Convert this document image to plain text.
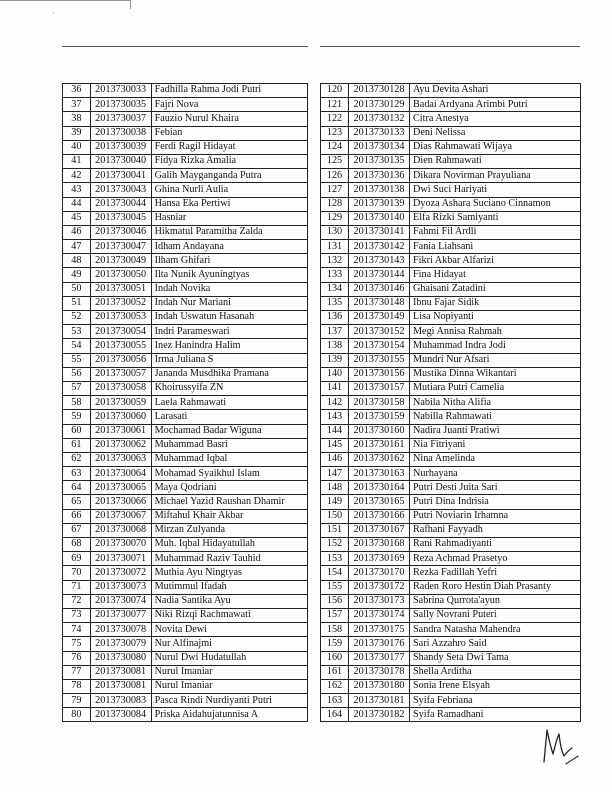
·
36	2013730033	Fadhilla Rahma Jodi Putri
37	2013730035	Fajri Nova
38	2013730037	Fauzio Nurul Khaira
39	2013730038	Febian
40	2013730039	Ferdi Ragil Hidayat
41	2013730040	Fidya Rizka Amalia
42	2013730041	Galih Mayganganda Putra
43	2013730043	Ghina Nurli Aulia
44	2013730044	Hansa Eka Pertiwi
45	2013730045	Hasniar
46	2013730046	Hikmatul Paramitha Zalda
47	2013730047	Idham Andayana
48	2013730049	Ilham Ghifari
49	2013730050	Ilta Nunik Ayuningtyas
50	2013730051	Indah Novika
51	2013730052	Indah Nur Mariani
52	2013730053	Indah Uswatun Hasanah
53	2013730054	Indri Parameswari
54	2013730055	Inez Hanindra Halim
55	2013730056	Irma Juliana S
56	2013730057	Jananda Musdhika Pramana
57	2013730058	Khoirussyifa ZN
58	2013730059	Laela Rahmawati
59	2013730060	Larasati
60	2013730061	Mochamad Badar Wiguna
61	2013730062	Muhammad Basri
62	2013730063	Muhammad Iqbal
63	2013730064	Mohamad Syaikhul Islam
64	2013730065	Maya Qodriani
65	2013730066	Michael Yazid Raushan Dhamir
66	2013730067	Miftahul Khair Akbar
67	2013730068	Mirzan Zulyanda
68	2013730070	Muh. Iqbal Hidayatullah
69	2013730071	Muhammad Raziv Tauhid
70	2013730072	Muthia Ayu Ningtyas
71	2013730073	Mutimmul Ifadah
72	2013730074	Nadia Santika Ayu
73	2013730077	Niki Rizqi Rachmawati
74	2013730078	Novita Dewi
75	2013730079	Nur Alfinajmi
76	2013730080	Nurul Dwi Hudatullah
77	2013730081	Nurul Imaniar
78	2013730081	Nurul Imaniar
79	2013730083	Pasca Rindi Nurdiyanti Putri
80	2013730084	Priska Aidahujatunnisa A
120	2013730128	Ayu Devita Ashari
121	2013730129	Badai Ardyana Arimbi Putri
122	2013730132	Citra Anestya
123	2013730133	Deni Nelissa
124	2013730134	Dias Rahmawati Wijaya
125	2013730135	Dien Rahmawati
126	2013730136	Dikara Novirman Prayuliana
127	2013730138	Dwi Suci Hariyati
128	2013730139	Dyoza Ashara Suciano Cinnamon
129	2013730140	Elfa Rizki Samiyanti
130	2013730141	Fahmi Fil Ardli
131	2013730142	Fania Liahsani
132	2013730143	Fikri Akbar Alfarizi
133	2013730144	Fina Hidayat
134	2013730146	Ghaisani Zatadini
135	2013730148	Ibnu Fajar Sidik
136	2013730149	Lisa Nopiyanti
137	2013730152	Megi Annisa Rahmah
138	2013730154	Muhammad Indra Jodi
139	2013730155	Mundri Nur Afsari
140	2013730156	Mustika Dinna Wikantari
141	2013730157	Mutiara Putri Camelia
142	2013730158	Nabila Nitha Alifia
143	2013730159	Nabilla Rahmawati
144	2013730160	Nadira Juanti Pratiwi
145	2013730161	Nia Fitriyani
146	2013730162	Nina Amelinda
147	2013730163	Nurhayana
148	2013730164	Putri Desti Juita Sari
149	2013730165	Putri Dina Indrisia
150	2013730166	Putri Noviarin Irhamna
151	2013730167	Rafhani Fayyadh
152	2013730168	Rani Rahmadiyanti
153	2013730169	Reza Achmad Prasetyo
154	2013730170	Rezka Fadillah Yefri
155	2013730172	Raden Roro Hestin Diah Prasanty
156	2013730173	Sabrina Qurrota'ayun
157	2013730174	Sally Novrani Puteri
158	2013730175	Sandra Natasha Mahendra
159	2013730176	Sari Azzahro Said
160	2013730177	Shandy Seta Dwi Tama
161	2013730178	Shella Arditha
162	2013730180	Sonia Irene Elsyah
163	2013730181	Syifa Febriana
164	2013730182	Syifa Ramadhani
